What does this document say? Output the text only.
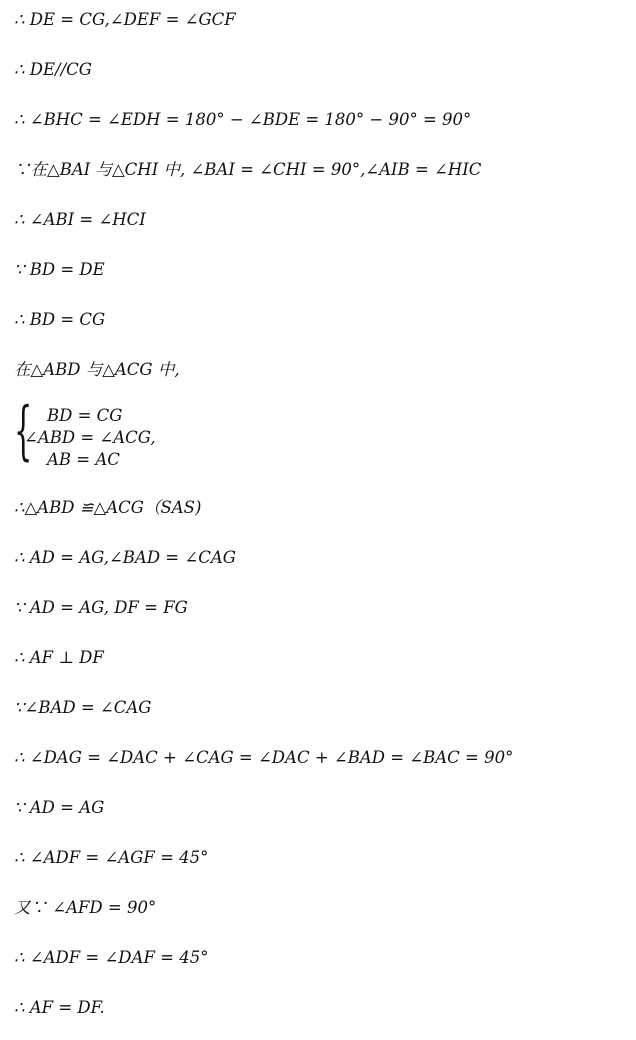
∴ DE = CG,∠DEF = ∠GCF
∴ DE//CG
∴ ∠BHC = ∠EDH = 180° − ∠BDE = 180° − 90° = 90°
∵在△BAI 与△CHI 中, ∠BAI = ∠CHI = 90°,∠AIB = ∠HIC
∴ ∠ABI = ∠HCI
∵ BD = DE
∴ BD = CG
在△ABD 与△ACG 中,
{ BD = CG
∠ABD = ∠ACG,
AB = AC
∴△ABD ≌△ACG（SAS)
∴ AD = AG,∠BAD = ∠CAG
∵ AD = AG, DF = FG
∴ AF ⊥ DF
∵∠BAD = ∠CAG
∴ ∠DAG = ∠DAC + ∠CAG = ∠DAC + ∠BAD = ∠BAC = 90°
∵ AD = AG
∴ ∠ADF = ∠AGF = 45°
又∵ ∠AFD = 90°
∴ ∠ADF = ∠DAF = 45°
∴ AF = DF.
